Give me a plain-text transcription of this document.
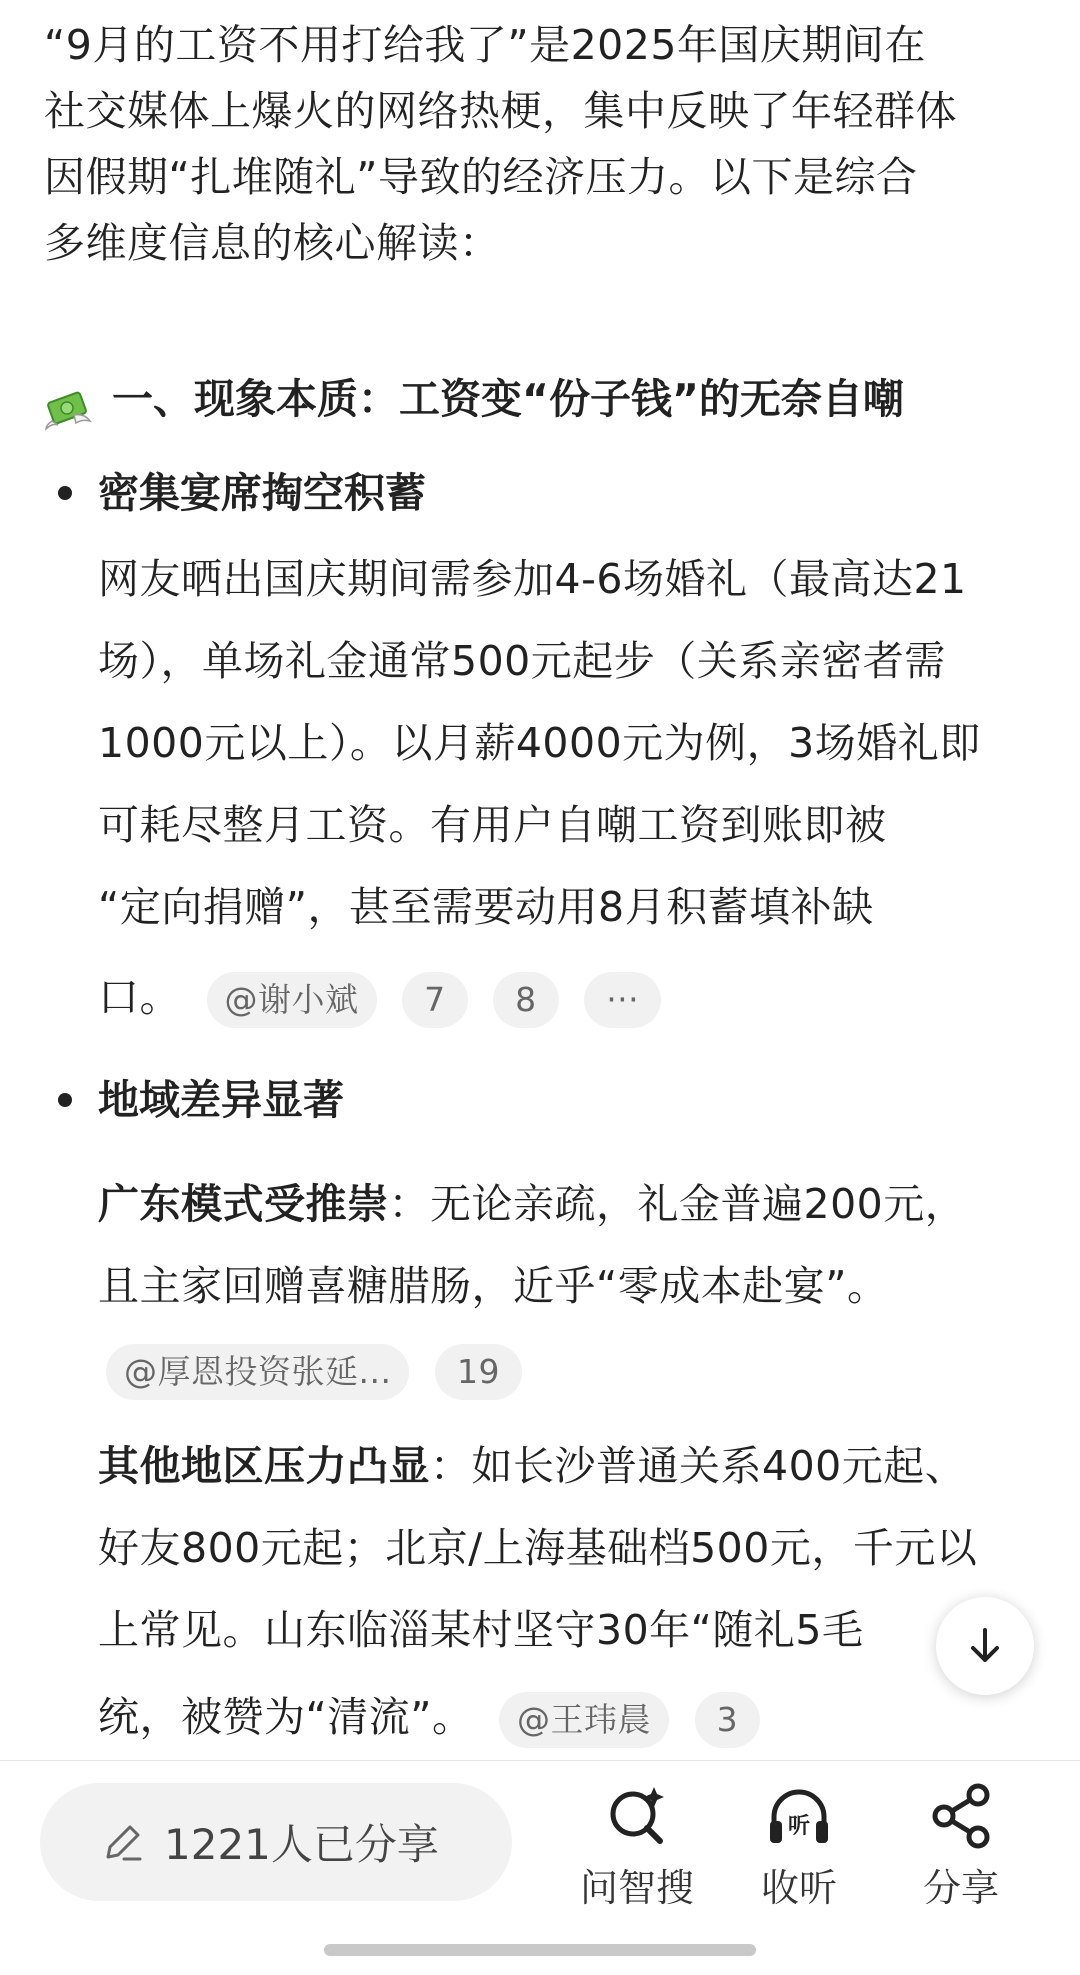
“9月的工资不用打给我了”是2025年国庆期间在

社交媒体上爆火的网络热梗，集中反映了年轻群体

因假期“扎堆随礼”导致的经济压力。以下是综合

多维度信息的核心解读：

一、现象本质：工资变“份子钱”的无奈自嘲
密集宴席掏空积蓄
网友晒出国庆期间需参加4-6场婚礼（最高达21
场），单场礼金通常500元起步（关系亲密者需
1000元以上）。以月薪4000元为例，3场婚礼即
可耗尽整月工资。有用户自嘲工资到账即被
“定向捐赠”，甚至需要动用8月积蓄填补缺
口。 @谢小斌 7 8 ···
地域差异显著
广东模式受推崇：无论亲疏，礼金普遍200元，
且主家回赠喜糖腊肠，近乎“零成本赴宴”。
@厚恩投资张延... 19
其他地区压力凸显：如长沙普通关系400元起、
好友800元起；北京/上海基础档500元，千元以
上常见。山东临淄某村坚守30年“随礼5毛
统，被赞为“清流”。 @王玮晨 3
1221人已分享
问智搜
听
收听 分享
